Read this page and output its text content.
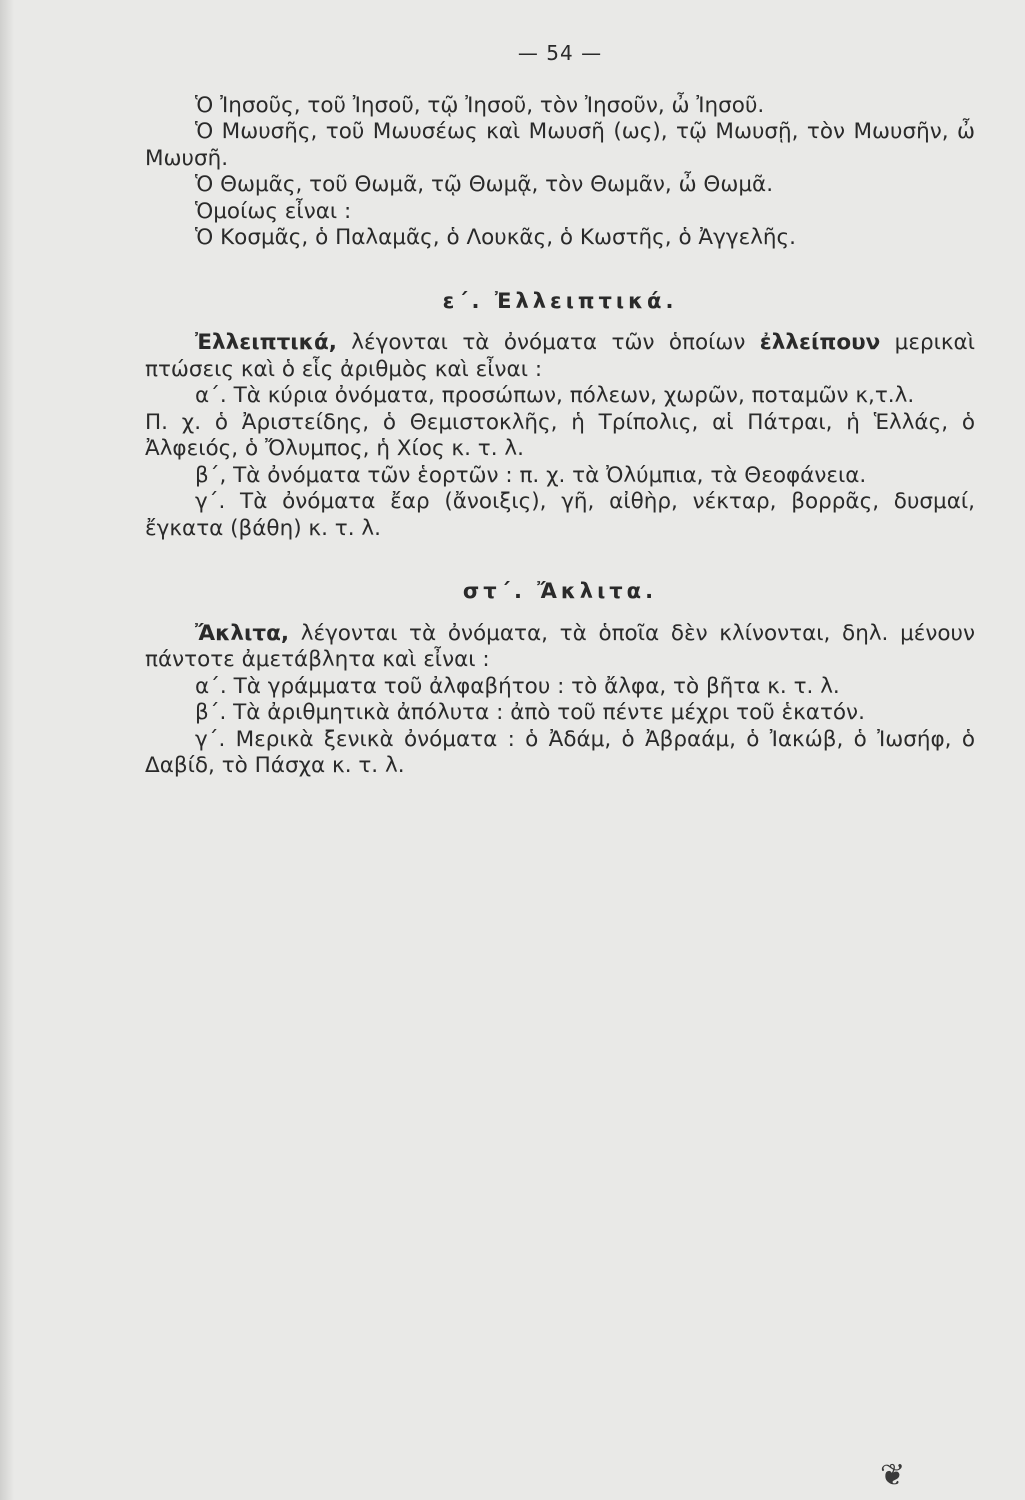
— 54 —

Ὁ Ἰησοῦς, τοῦ Ἰησοῦ, τῷ Ἰησοῦ, τὸν Ἰησοῦν, ὦ Ἰησοῦ.

Ὁ Μωυσῆς, τοῦ Μωυσέως καὶ Μωυσῆ (ως), τῷ Μωυσῇ, τὸν Μωυσῆν, ὦ Μωυσῆ.

Ὁ Θωμᾶς, τοῦ Θωμᾶ, τῷ Θωμᾷ, τὸν Θωμᾶν, ὦ Θωμᾶ.

Ὁμοίως εἶναι :

Ὁ Κοσμᾶς, ὁ Παλαμᾶς, ὁ Λουκᾶς, ὁ Κωστῆς, ὁ Ἀγγελῆς.

ε΄. Ἐλλειπτικά.

Ἐλλειπτικά, λέγονται τὰ ὀνόματα τῶν ὁποίων ἐλλείπουν μερικαὶ πτώσεις καὶ ὁ εἷς ἀριθμὸς καὶ εἶναι :

α΄. Τὰ κύρια ὀνόματα, προσώπων, πόλεων, χωρῶν, ποταμῶν κ,τ.λ.

Π. χ. ὁ Ἀριστείδης, ὁ Θεμιστοκλῆς, ἡ Τρίπολις, αἱ Πάτραι, ἡ Ἑλλάς, ὁ Ἀλφειός, ὁ Ὄλυμπος, ἡ Χίος κ. τ. λ.

β΄, Τὰ ὀνόματα τῶν ἑορτῶν : π. χ. τὰ Ὀλύμπια, τὰ Θεοφάνεια.

γ΄. Τὰ ὀνόματα ἔαρ (ἄνοιξις), γῆ, αἰθὴρ, νέκταρ, βορρᾶς, δυσμαί, ἔγκατα (βάθη) κ. τ. λ.

στ΄. Ἄκλιτα.

Ἄκλιτα, λέγονται τὰ ὀνόματα, τὰ ὁποῖα δὲν κλίνονται, δηλ. μένουν πάντοτε ἀμετάβλητα καὶ εἶναι :

α΄. Τὰ γράμματα τοῦ ἀλφαβήτου : τὸ ἄλφα, τὸ βῆτα κ. τ. λ.

β΄. Τὰ ἀριθμητικὰ ἀπόλυτα : ἀπὸ τοῦ πέντε μέχρι τοῦ ἑκατόν.

γ΄. Μερικὰ ξενικὰ ὀνόματα : ὁ Ἀδάμ, ὁ Ἀβραάμ, ὁ Ἰακώβ, ὁ Ἰωσήφ, ὁ Δαβίδ, τὸ Πάσχα κ. τ. λ.

❦
